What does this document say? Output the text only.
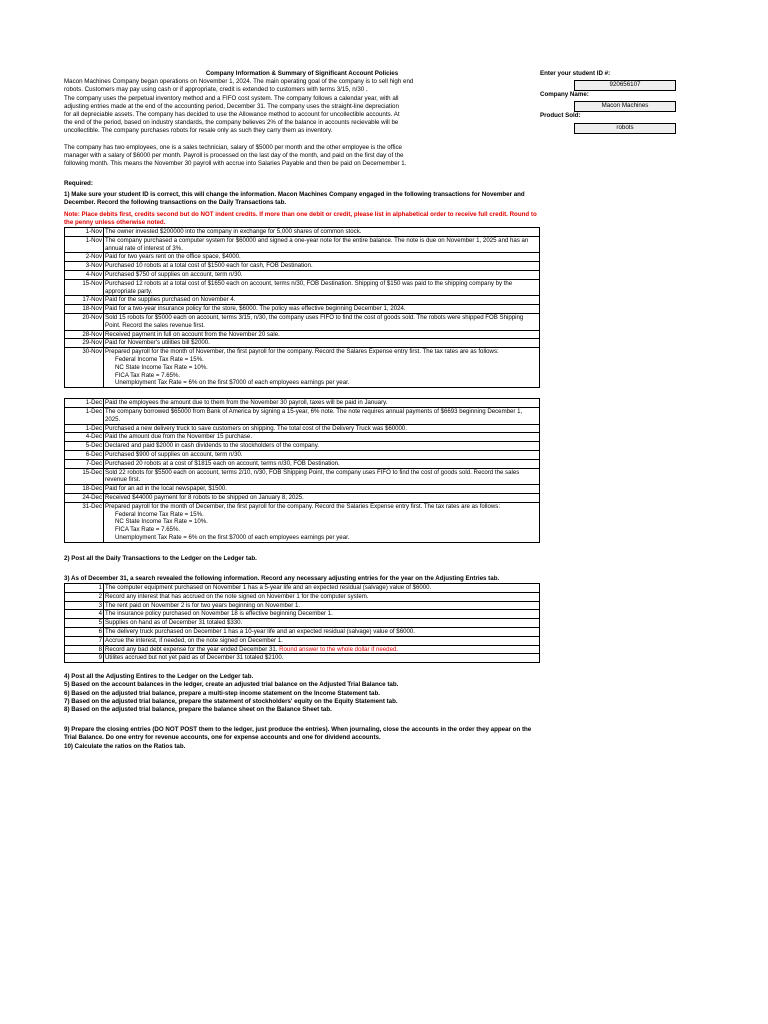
Company Information & Summary of Significant Account Policies

Macon Machines Company began operations on November 1, 2024. The main operating goal of the company is to sell high end

robots. Customers may pay using cash or if appropriate, credit is extended to customers with terms 3/15, n/30 .

The company uses the perpetual inventory method and a FIFO cost system. The company follows a calendar year, with all

adjusting entries made at the end of the accounting period, December 31. The company uses the straight-line depreciation

for all depreciable assets. The company has decided to use the Allowance method to account for uncollectible accounts. At

the end of the period, based on industry standards, the company believes 2% of the balance in accounts recievable will be

uncollectible. The company purchases robots for resale only as such they carry them as inventory.

The company has two employees, one is a sales technician, salary of $5000 per month and the other employee is the office

manager with a salary of $6000 per month. Payroll is processed on the last day of the month, and paid on the first day of the

following month. This means the November 30 payroll with accrue into Salaries Payable and then be paid on Decemember 1.

Required:

1) Make sure your student ID is correct, this will change the information. Macon Machines Company engaged in the following transactions for November and December. Record the following transactions on the Daily Transactions tab.

Note: Place debits first, credits second but do NOT indent credits. If more than one debit or credit, please list in alphabetical order to receive full credit. Round to the penny unless otherwise noted.

1-Nov	The owner invested $200000 into the company in exchange for 5,000 shares of common stock.

1-Nov	The company purchased a computer system for $60000 and signed a one-year note for the entire balance. The note is due on November 1, 2025 and has an annual rate of interest of 3%.

2-Nov	Paid for two years rent on the office space, $4000.

3-Nov	Purchased 10 robots at a total cost of $1500 each for cash, FOB Destination.

4-Nov	Purchased $750 of supplies on account, term n/30.

15-Nov	Purchased 12 robots at a total cost of $1650 each on account, terms n/30, FOB Destination. Shipping of $150 was paid to the shipping company by the appropriate party.

17-Nov	Paid for the supplies purchased on November 4.

18-Nov	Paid for a two-year insurance policy for the store, $6000. The policy was effective beginning December 1, 2024.

20-Nov	Sold 15 robots for $5000 each on account, terms 3/15, n/30, the company uses FIFO to find the cost of goods sold. The robots were shipped FOB Shipping Point. Record the sales revenue first.

28-Nov	Received payment in full on account from the November 20 sale.

29-Nov	Paid for November's utilities bill $2000.

30-Nov	Prepared payroll for the month of November, the first payroll for the company. Record the Salares Expense entry first. The tax rates are as follows:
Federal Income Tax Rate = 15%.
NC State Income Tax Rate = 10%.
FICA Tax Rate = 7.65%.
Unemployment Tax Rate = 6% on the first $7000 of each employees earnings per year.
1-Dec	Paid the employees the amount due to them from the November 30 payroll, taxes will be paid in January.

1-Dec	The company borrowed $65000 from Bank of America by signing a 15-year, 6% note. The note requires annual payments of $6693 beginning December 1, 2025.

1-Dec	Purchased a new delivery truck to save customers on shipping. The total cost of the Delivery Truck was $60000.

4-Dec	Paid the amount due from the November 15 purchase.

5-Dec	Declared and paid $2000 in cash dividends to the stockholders of the company.

6-Dec	Purchased $900 of supplies on account, term n/30.

7-Dec	Purchased 20 robots at a cost of $1815 each on account, terms n/30, FOB Destination.

15-Dec	Sold 22 robots for $5500 each on account, terms 2/10, n/30, FOB Shipping Point, the company uses FIFO to find the cost of goods sold. Record the sales revenue first.

18-Dec	Paid for an ad in the local newspaper, $1500.

24-Dec	Received $44000 payment for 8 robots to be shipped on January 8, 2025.

31-Dec	Prepared payroll for the month of December, the first payroll for the company. Record the Salaries Expense entry first. The tax rates are as follows:
Federal Income Tax Rate = 15%.
NC State Income Tax Rate = 10%.
FICA Tax Rate = 7.65%.
Unemployment Tax Rate = 6% on the first $7000 of each employees earnings per year.

2) Post all the Daily Transactions to the Ledger on the Ledger tab.

3) As of December 31, a search revealed the following information. Record any necessary adjusting entries for the year on the Adjusting Entries tab.

1	The computer equipment purchased on November 1 has a 5-year life and an expected residual (salvage) value of $6000.
2	Record any interest that has accrued on the note signed on November 1 for the computer system.
3	The rent paid on November 2 is for two years beginning on November 1.
4	The insurance policy purchased on November 18 is effective beginning December 1.
5	Supplies on hand as of December 31 totaled $330.
6	The delivery truck purchased on December 1 has a 10-year life and an expected residual (salvage) value of $6000.
7	Accrue the interest, if needed, on the note signed on December 1.
8	Record any bad debt expense for the year ended December 31. Round answer to the whole dollar if needed.
9	Utilites accrued but not yet paid as of December 31 totaled $2100.

4) Post all the Adjusting Entires to the Ledger on the Ledger tab.

5) Based on the account balances in the ledger, create an adjusted trial balance on the Adjusted Trial Balance tab.

6) Based on the adjusted trial balance, prepare a multi-step income statement on the Income Statement tab.

7) Based on the adjusted trial balance, prepare the statement of stockholders' equity on the Equity Statement tab.

8) Based on the adjusted trial balance, prepare the balance sheet on the Balance Sheet tab.

9) Prepare the closing entries (DO NOT POST them to the ledger, just produce the entries). When journaling, close the accounts in the order they appear on the Trial Balance. Do one entry for revenue accounts, one for expense accounts and one for dividend accounts.

10) Calculate the ratios on the Ratios tab.

Enter your student ID #:
920656107
Company Name:
Macon Machines
Product Sold:
robots
